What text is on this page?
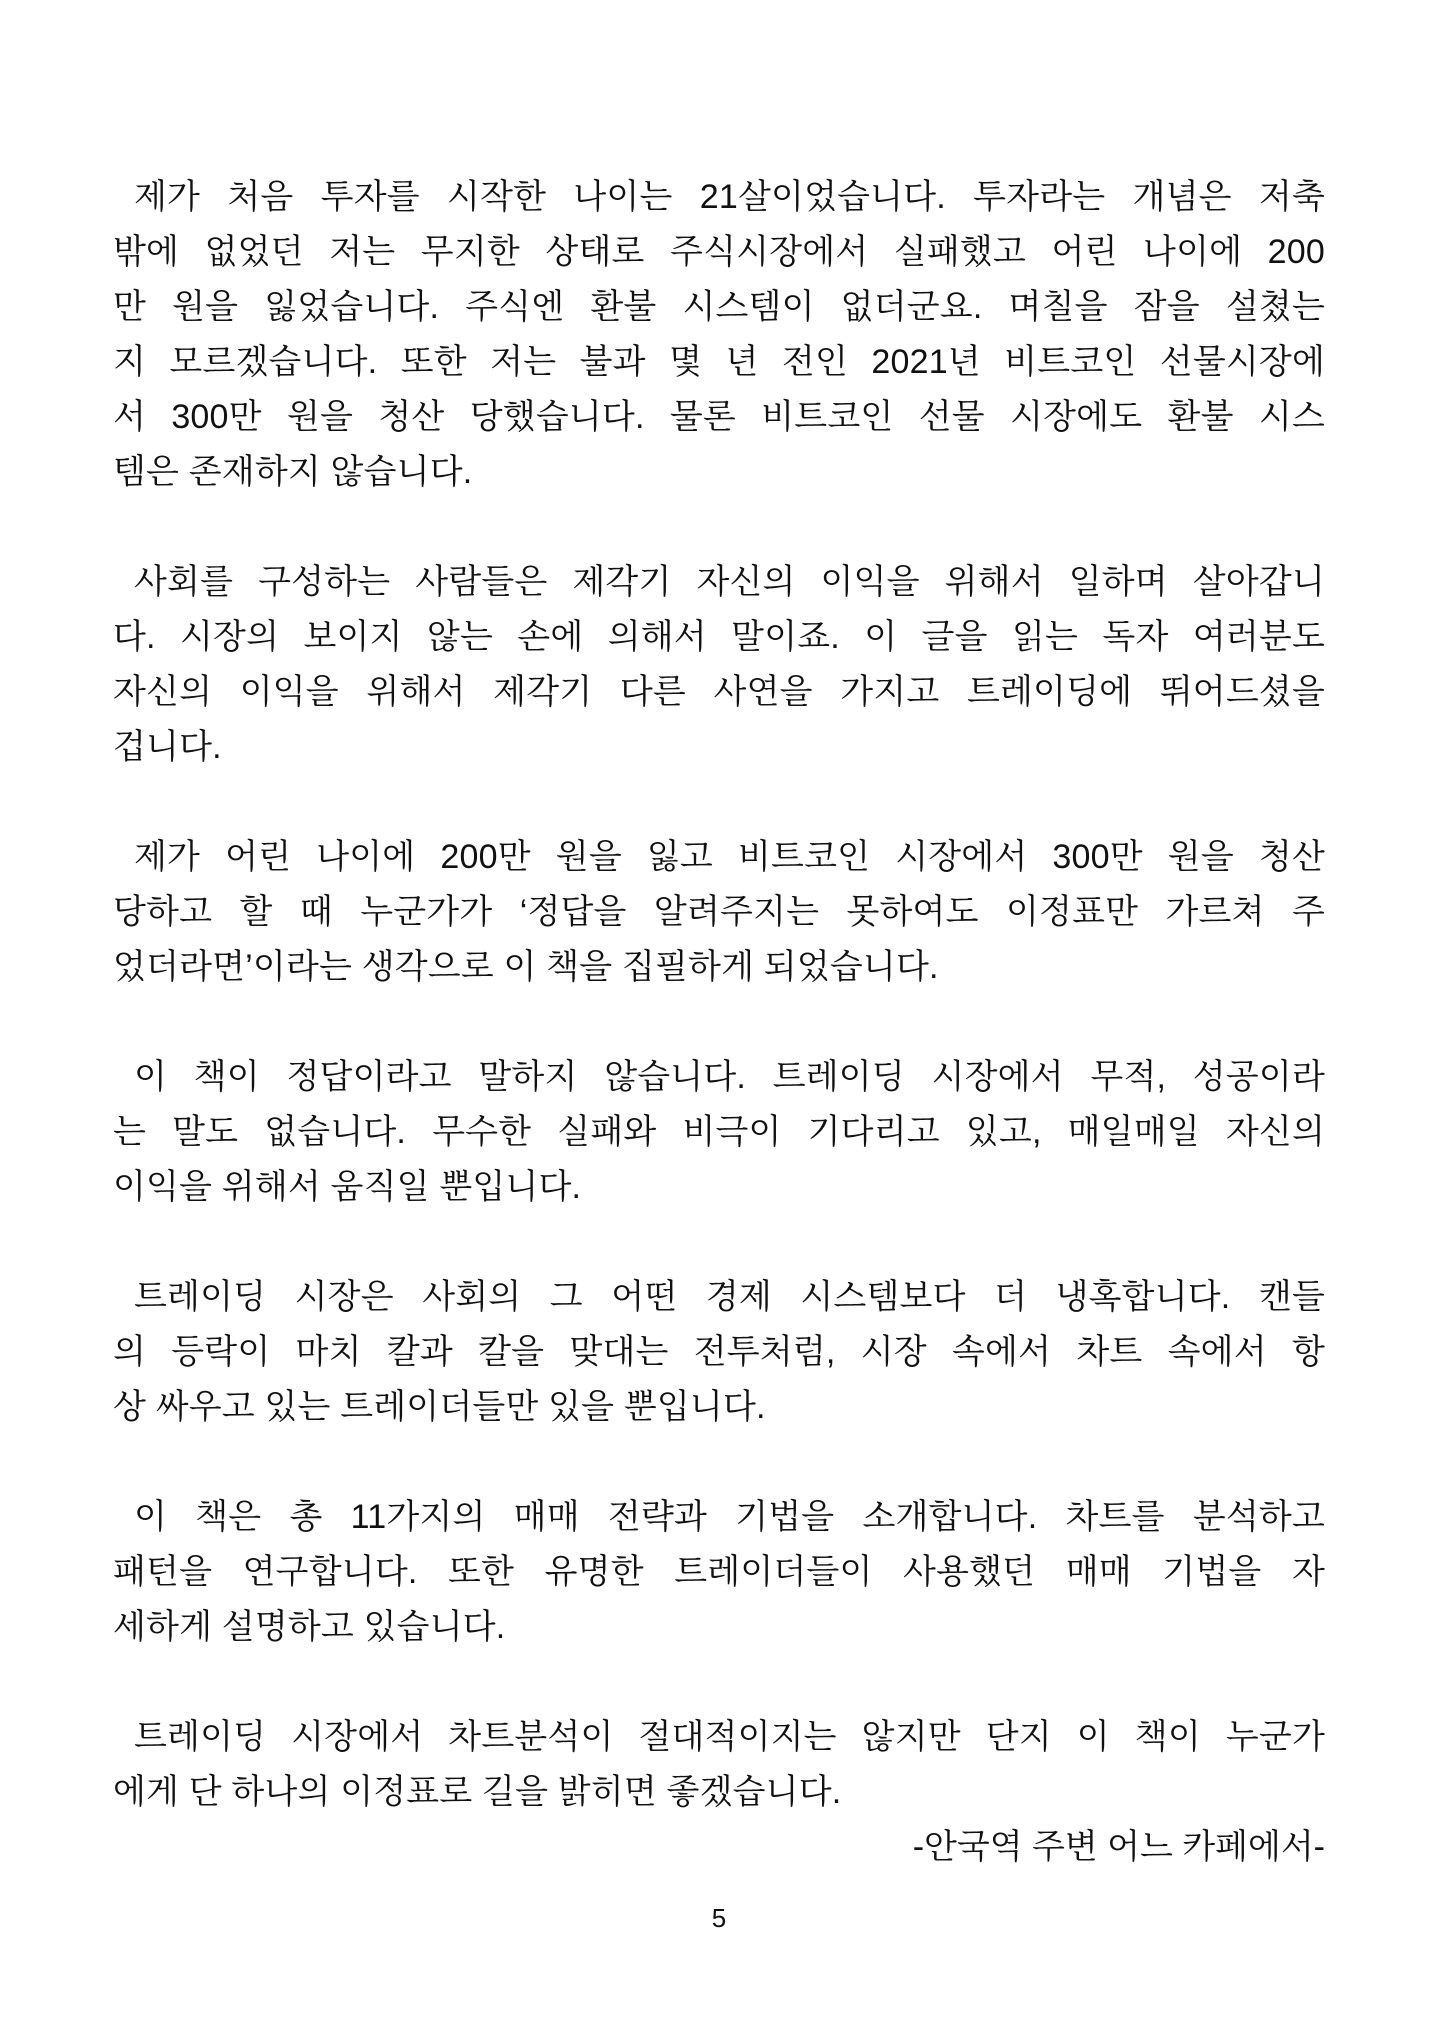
제가 처음 투자를 시작한 나이는 21살이었습니다. 투자라는 개념은 저축
밖에 없었던 저는 무지한 상태로 주식시장에서 실패했고 어린 나이에 200
만 원을 잃었습니다. 주식엔 환불 시스템이 없더군요. 며칠을 잠을 설쳤는
지 모르겠습니다. 또한 저는 불과 몇 년 전인 2021년 비트코인 선물시장에
서 300만 원을 청산 당했습니다. 물론 비트코인 선물 시장에도 환불 시스
템은 존재하지 않습니다.
사회를 구성하는 사람들은 제각기 자신의 이익을 위해서 일하며 살아갑니
다. 시장의 보이지 않는 손에 의해서 말이죠. 이 글을 읽는 독자 여러분도
자신의 이익을 위해서 제각기 다른 사연을 가지고 트레이딩에 뛰어드셨을
겁니다.
제가 어린 나이에 200만 원을 잃고 비트코인 시장에서 300만 원을 청산
당하고 할 때 누군가가 ‘정답을 알려주지는 못하여도 이정표만 가르쳐 주
었더라면’이라는 생각으로 이 책을 집필하게 되었습니다.
이 책이 정답이라고 말하지 않습니다. 트레이딩 시장에서 무적, 성공이라
는 말도 없습니다. 무수한 실패와 비극이 기다리고 있고, 매일매일 자신의
이익을 위해서 움직일 뿐입니다.
트레이딩 시장은 사회의 그 어떤 경제 시스템보다 더 냉혹합니다. 캔들
의 등락이 마치 칼과 칼을 맞대는 전투처럼, 시장 속에서 차트 속에서 항
상 싸우고 있는 트레이더들만 있을 뿐입니다.
이 책은 총 11가지의 매매 전략과 기법을 소개합니다. 차트를 분석하고
패턴을 연구합니다. 또한 유명한 트레이더들이 사용했던 매매 기법을 자
세하게 설명하고 있습니다.
트레이딩 시장에서 차트분석이 절대적이지는 않지만 단지 이 책이 누군가
에게 단 하나의 이정표로 길을 밝히면 좋겠습니다.
-안국역 주변 어느 카페에서-
5
